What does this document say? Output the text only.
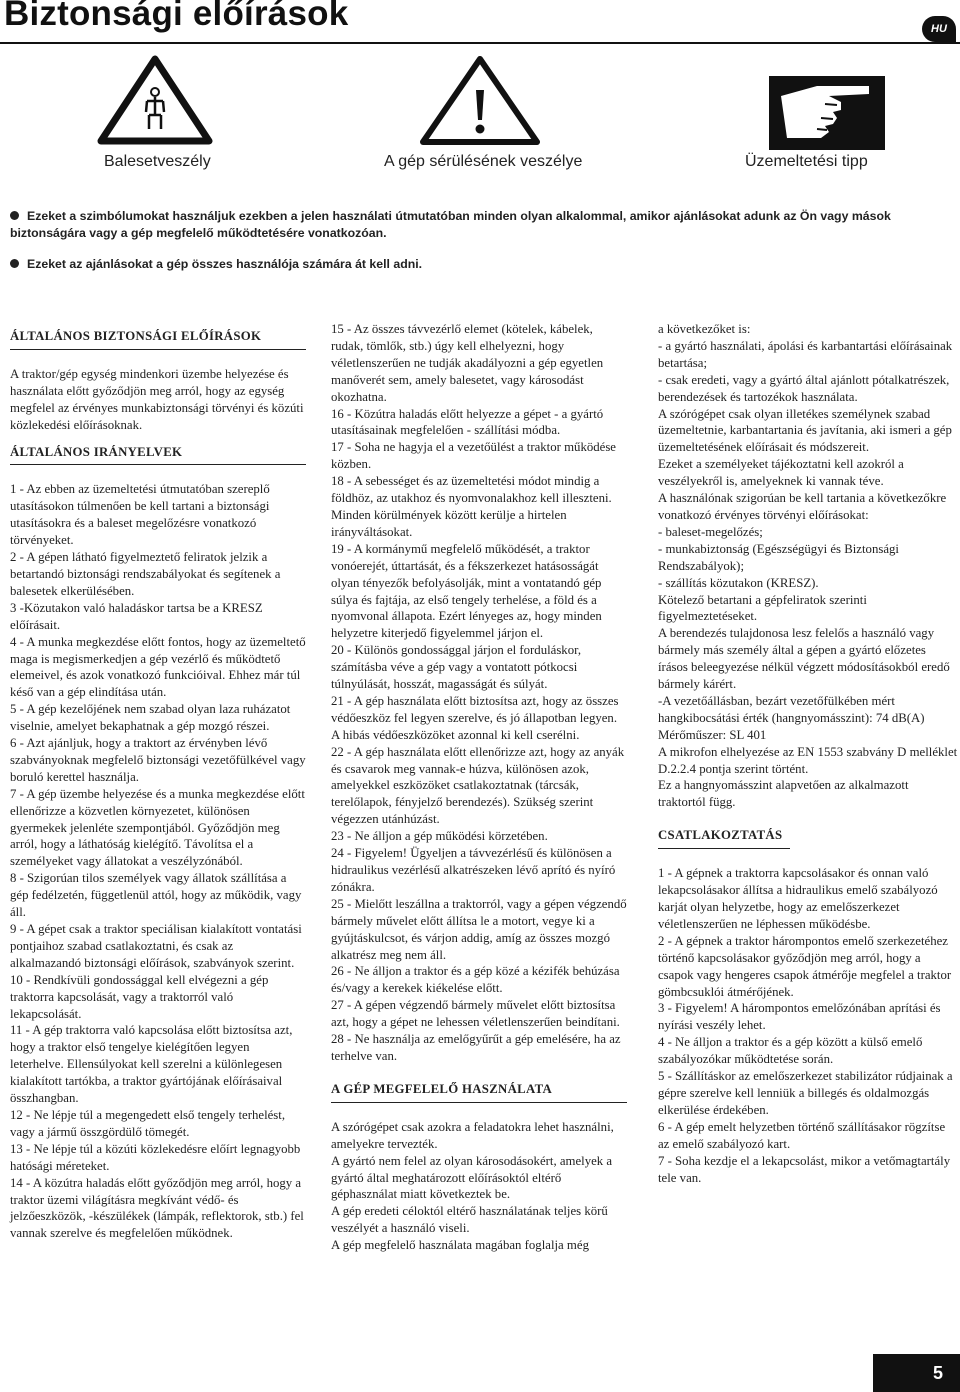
Biztonsági előírások	HU
Balesetveszély	A gép sérülésének veszélye	Üzemeltetési tipp
Ezeket a szimbólumokat használjuk ezekben a jelen használati útmutatóban minden olyan alkalommal, amikor ajánlásokat adunk az Ön vagy mások biztonságára vagy a gép megfelelő működtetésére vonatkozóan.
Ezeket az ajánlásokat a gép összes használója számára át kell adni.
ÁLTALÁNOS BIZTONSÁGI ELŐÍRÁSOK

A traktor/gép egység mindenkori üzembe helyezése és használata előtt győződjön meg arról, hogy az egység megfelel az érvényes munkabiztonsági törvényi és közúti közlekedési előírásoknak.

ÁLTALÁNOS IRÁNYELVEK

1 - Az ebben az üzemeltetési útmutatóban szereplő utasításokon túlmenően be kell tartani a biztonsági utasításokra és a baleset megelőzésre vonatkozó törvényeket.

2 - A gépen látható figyelmeztető feliratok jelzik a betartandó biztonsági rendszabályokat és segítenek a balesetek elkerülésében.

3 -Közutakon való haladáskor tartsa be a KRESZ előírásait.

4 - A munka megkezdése előtt fontos, hogy az üzemeltető maga is megismerkedjen a gép vezérlő és működtető elemeivel, és azok vonatkozó funkcióival. Ehhez már túl késő van a gép elindítása után.

5 - A gép kezelőjének nem szabad olyan laza ruházatot viselnie, amelyet bekaphatnak a gép mozgó részei.

6 - Azt ajánljuk, hogy a traktort az érvényben lévő szabványoknak megfelelő biztonsági vezetőfülkével vagy boruló kerettel használja.

7 - A gép üzembe helyezése és a munka megkezdése előtt ellenőrizze a közvetlen környezetet, különösen gyermekek jelenléte szempontjából. Győződjön meg arról, hogy a láthatóság kielégítő. Távolítsa el a személyeket vagy állatokat a veszélyzónából.

8 - Szigorúan tilos személyek vagy állatok szállítása a gép fedélzetén, függetlenül attól, hogy az működik, vagy áll.

9 - A gépet csak a traktor speciálisan kialakított vontatási pontjaihoz szabad csatlakoztatni, és csak az alkalmazandó biztonsági előírások, szabványok szerint.

10 - Rendkívüli gondossággal kell elvégezni a gép traktorra kapcsolását, vagy a traktorról való lekapcsolását.

11 - A gép traktorra való kapcsolása előtt biztosítsa azt, hogy a traktor első tengelye kielégítően legyen leterhelve. Ellensúlyokat kell szerelni a különlegesen kialakított tartókba, a traktor gyártójának előírásaival összhangban.

12 - Ne lépje túl a megengedett első tengely terhelést, vagy a jármű összgördülő tömegét.

13 - Ne lépje túl a közúti közlekedésre előírt legnagyobb hatósági méreteket.

14 - A közútra haladás előtt győződjön meg arról, hogy a traktor üzemi világításra megkívánt védő- és jelzőeszközök, -készülékek (lámpák, reflektorok, stb.) fel vannak szerelve és megfelelően működnek.

15 - Az összes távvezérlő elemet (kötelek, kábelek, rudak, tömlők, stb.) úgy kell elhelyezni, hogy véletlenszerűen ne tudják akadályozni a gép egyetlen manőverét sem, amely balesetet, vagy károsodást okozhatna.

16 - Közútra haladás előtt helyezze a gépet - a gyártó utasításainak megfelelően - szállítási módba.

17 - Soha ne hagyja el a vezetőülést a traktor működése közben.

18 - A sebességet és az üzemeltetési módot mindig a földhöz, az utakhoz és nyomvonalakhoz kell illeszteni. Minden körülmények között kerülje a hirtelen irányváltásokat.

19 - A kormánymű megfelelő működését, a traktor vonóerejét, úttartását, és a fékszerkezet hatásosságát olyan tényezők befolyásolják, mint a vontatandó gép súlya és fajtája, az első tengely terhelése, a föld és a nyomvonal állapota. Ezért lényeges az, hogy minden helyzetre kiterjedő figyelemmel járjon el.

20 - Különös gondossággal járjon el forduláskor, számításba véve a gép vagy a vontatott pótkocsi túlnyúlását, hosszát, magasságát és súlyát.

21 - A gép használata előtt biztosítsa azt, hogy az összes védőeszköz fel legyen szerelve, és jó állapotban legyen. A hibás védőeszközöket azonnal ki kell cserélni.

22 - A gép használata előtt ellenőrizze azt, hogy az anyák és csavarok meg vannak-e húzva, különösen azok, amelyekkel eszközöket csatlakoztatnak (tárcsák, terelőlapok, fényjelző berendezés). Szükség szerint végezzen utánhúzást.

23 - Ne álljon a gép működési körzetében.

24 - Figyelem! Ügyeljen a távvezérlésű és különösen a hidraulikus vezérlésű alkatrészeken lévő aprító és nyíró zónákra.

25 - Mielőtt leszállna a traktorról, vagy a gépen végzendő bármely művelet előtt állítsa le a motort, vegye ki a gyújtáskulcsot, és várjon addig, amíg az összes mozgó alkatrész meg nem áll.

26 - Ne álljon a traktor és a gép közé a kézifék behúzása és/vagy a kerekek kiékelése előtt.

27 - A gépen végzendő bármely művelet előtt biztosítsa azt, hogy a gépet ne lehessen véletlenszerűen beindítani.

28 - Ne használja az emelőgyűrűt a gép emelésére, ha az terhelve van.

A GÉP MEGFELELŐ HASZNÁLATA

A szórógépet csak azokra a feladatokra lehet használni, amelyekre tervezték.

A gyártó nem felel az olyan károsodásokért, amelyek a gyártó által meghatározott előírásoktól eltérő géphasználat miatt következtek be.

A gép eredeti céloktól eltérő használatának teljes körű veszélyét a használó viseli.

A gép megfelelő használata magában foglalja még

a következőket is:

- a gyártó használati, ápolási és karbantartási előírásainak betartása;

- csak eredeti, vagy a gyártó által ajánlott pótalkatrészek, berendezések és tartozékok használata.

A szórógépet csak olyan illetékes személynek szabad üzemeltetnie, karbantartania és javítania, aki ismeri a gép üzemeltetésének előírásait és módszereit.

Ezeket a személyeket tájékoztatni kell azokról a veszélyekről is, amelyeknek ki vannak téve.

A használónak szigorúan be kell tartania a következőkre vonatkozó érvényes törvényi előírásokat:

- baleset-megelőzés;

- munkabiztonság (Egészségügyi és Biztonsági Rendszabályok);

- szállítás közutakon (KRESZ).

Kötelező betartani a gépfeliratok szerinti figyelmeztetéseket.

A berendezés tulajdonosa lesz felelős a használó vagy bármely más személy által a gépen a gyártó előzetes írásos beleegyezése nélkül végzett módosításokból eredő bármely kárért.

-A vezetőállásban, bezárt vezetőfülkében mért hangkibocsátási érték (hangnyomásszint): 74 dB(A)

Mérőműszer: SL 401

A mikrofon elhelyezése az EN 1553 szabvány D melléklet D.2.2.4 pontja szerint történt.

Ez a hangnyomásszint alapvetően az alkalmazott traktortól függ.

CSATLAKOZTATÁS

1 - A gépnek a traktorra kapcsolásakor és onnan való lekapcsolásakor állítsa a hidraulikus emelő szabályozó karját olyan helyzetbe, hogy az emelőszerkezet véletlenszerűen ne léphessen működésbe.

2 - A gépnek a traktor hárompontos emelő szerkezetéhez történő kapcsolásakor győződjön meg arról, hogy a csapok vagy hengeres csapok átmérője megfelel a traktor gömbcsuklói átmérőjének.

3 - Figyelem! A hárompontos emelőzónában aprítási és nyírási veszély lehet.

4 - Ne álljon a traktor és a gép között a külső emelő szabályozókar működtetése során.

5 - Szállításkor az emelőszerkezet stabilizátor rúdjainak a gépre szerelve kell lenniük a billegés és oldalmozgás elkerülése érdekében.

6 - A gép emelt helyzetben történő szállításakor rögzítse az emelő szabályozó kart.

7 - Soha kezdje el a lekapcsolást, mikor a vetőmagtartály tele van.

5
